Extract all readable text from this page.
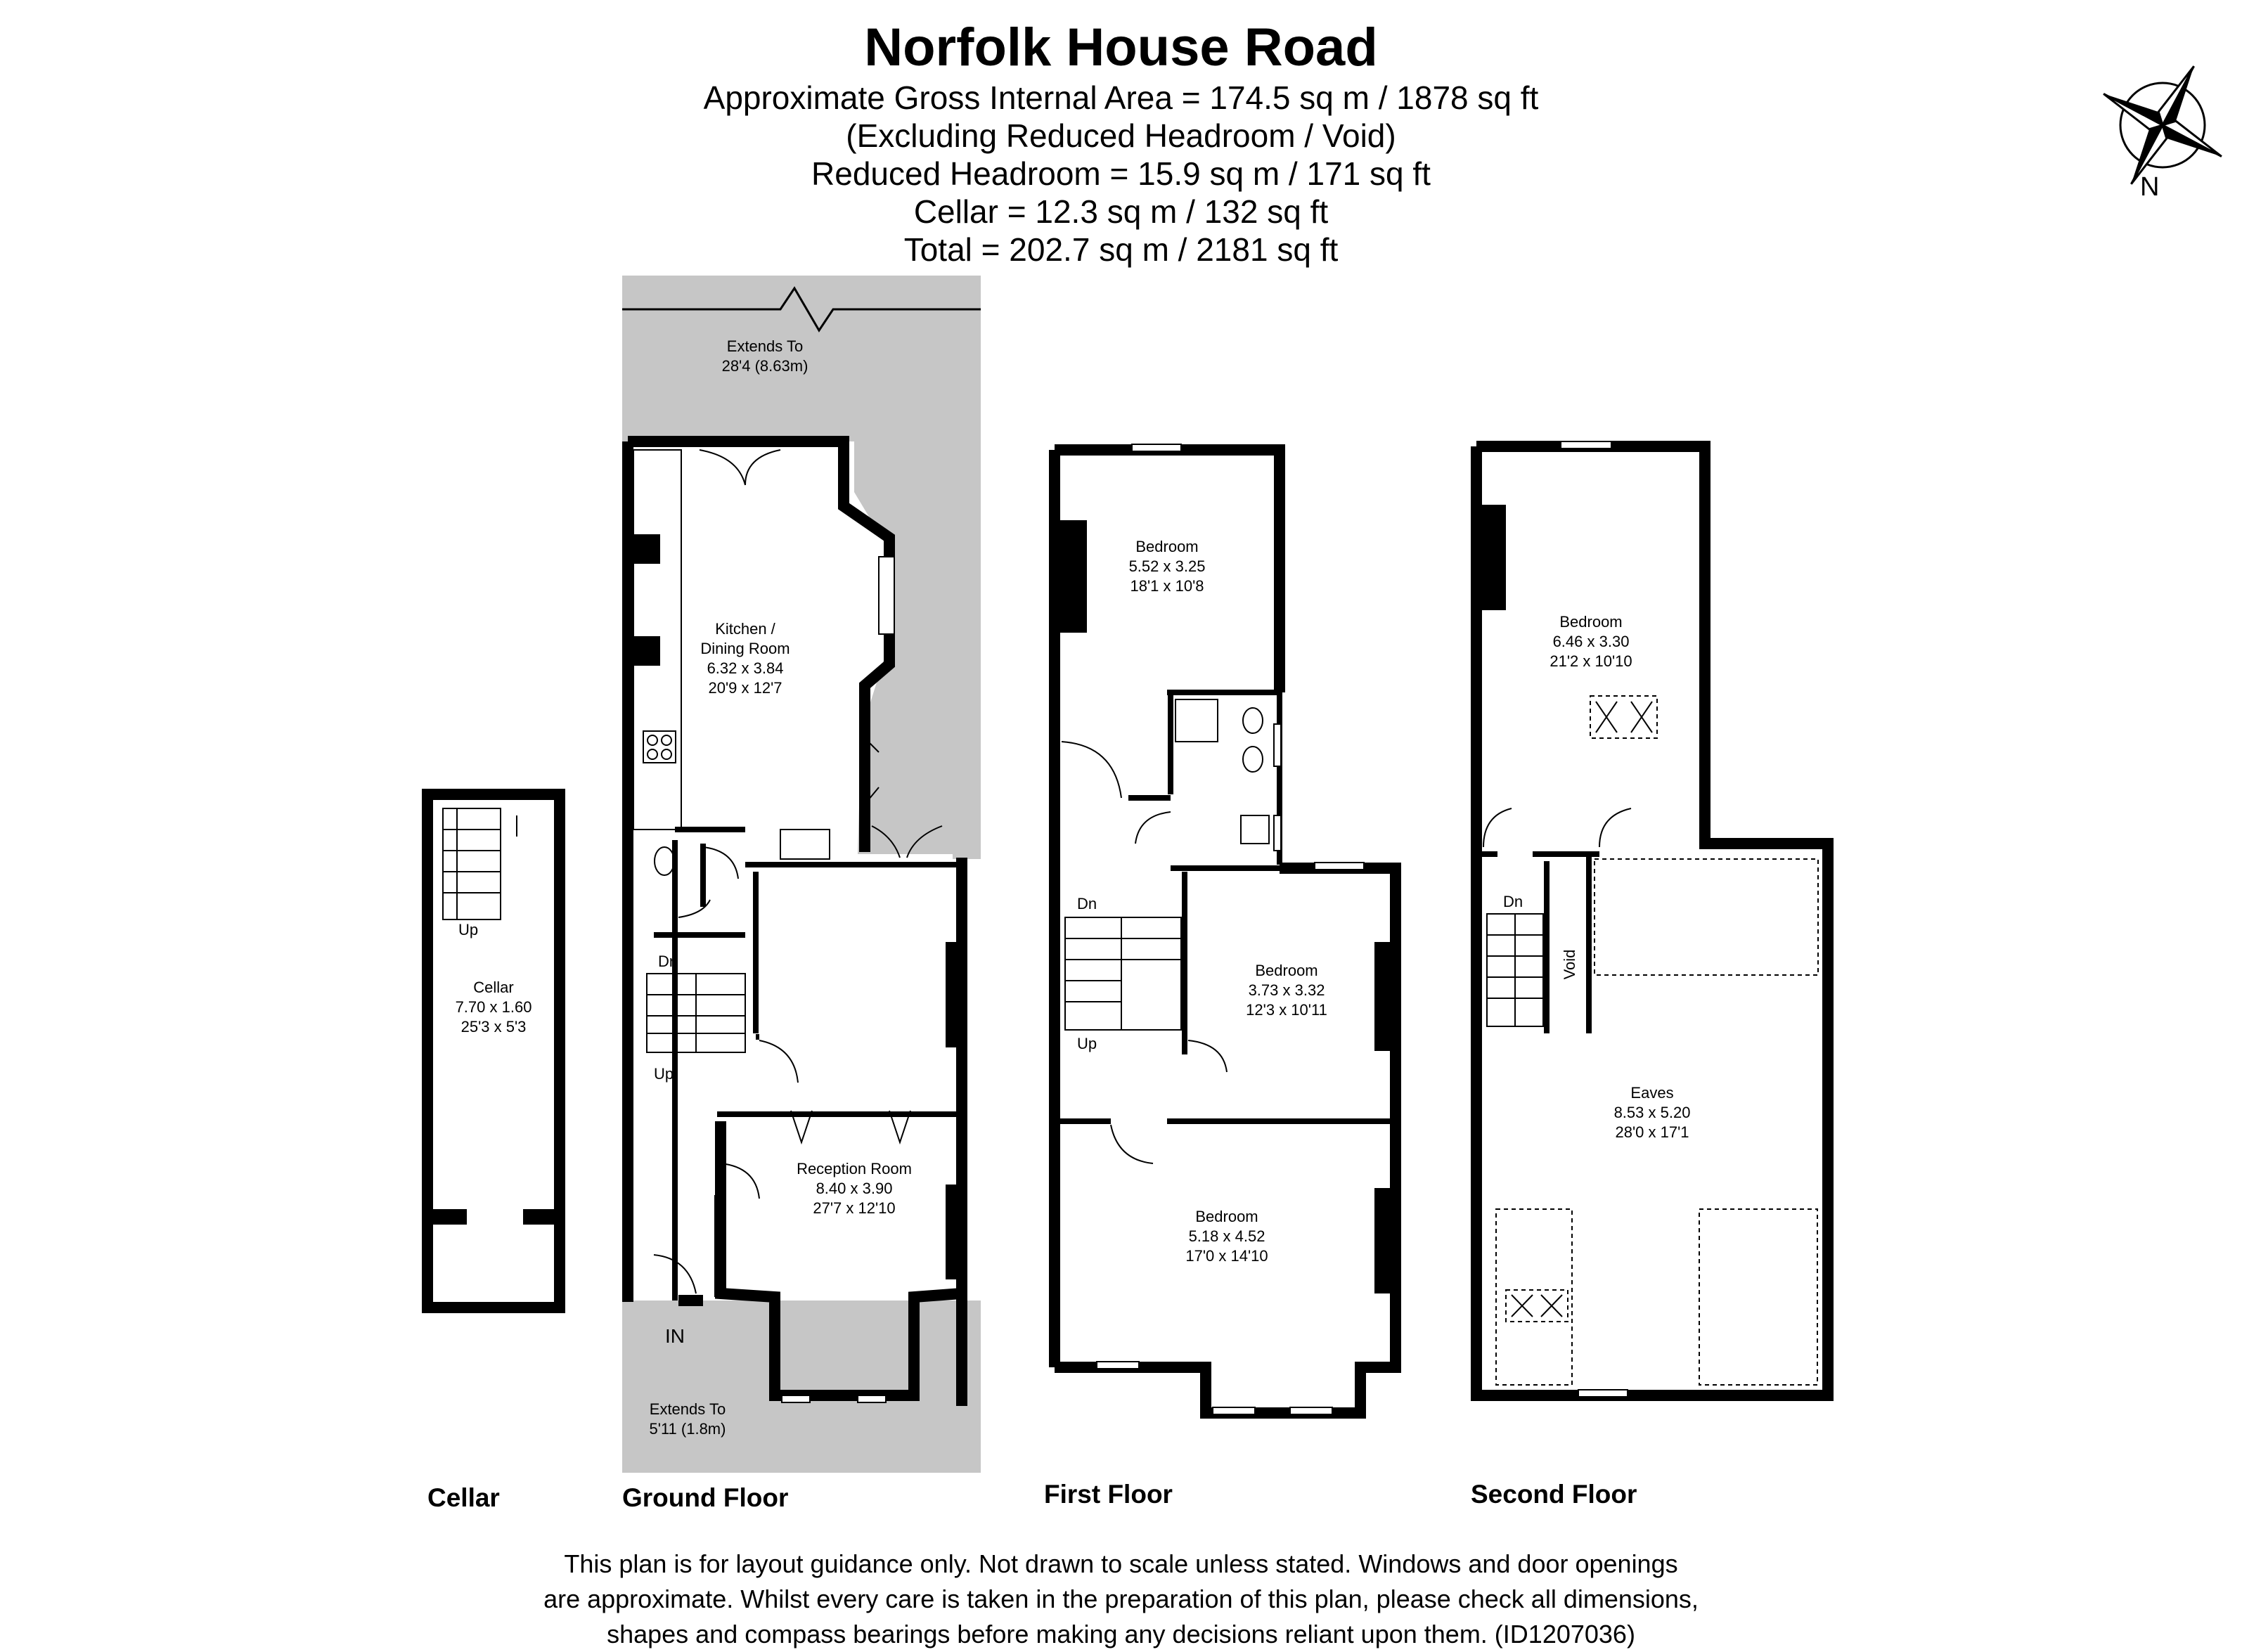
Norfolk House Road
Approximate Gross Internal Area = 174.5 sq m / 1878 sq ft
(Excluding Reduced Headroom / Void)
Reduced Headroom = 15.9 sq m / 171 sq ft
Cellar = 12.3 sq m / 132 sq ft
Total = 202.7 sq m / 2181 sq ft
N
Up
Cellar
7.70 x 1.60
25'3 x 5'3
Extends To
28'4 (8.63m)
Dn
Up
Kitchen /
Dining Room
6.32 x 3.84
20'9 x 12'7
Reception Room
8.40 x 3.90
27'7 x 12'10
IN
Extends To
5'11 (1.8m)
Dn
Up
Bedroom
5.52 x 3.25
18'1 x 10'8
Bedroom
3.73 x 3.32
12'3 x 10'11
Bedroom
5.18 x 4.52
17'0 x 14'10
Dn
Void
Bedroom
6.46 x 3.30
21'2 x 10'10
Eaves
8.53 x 5.20
28'0 x 17'1
Cellar	Ground Floor	First Floor	Second Floor
This plan is for layout guidance only. Not drawn to scale unless stated. Windows and door openings
are approximate. Whilst every care is taken in the preparation of this plan, please check all dimensions,
shapes and compass bearings before making any decisions reliant upon them. (ID1207036)
